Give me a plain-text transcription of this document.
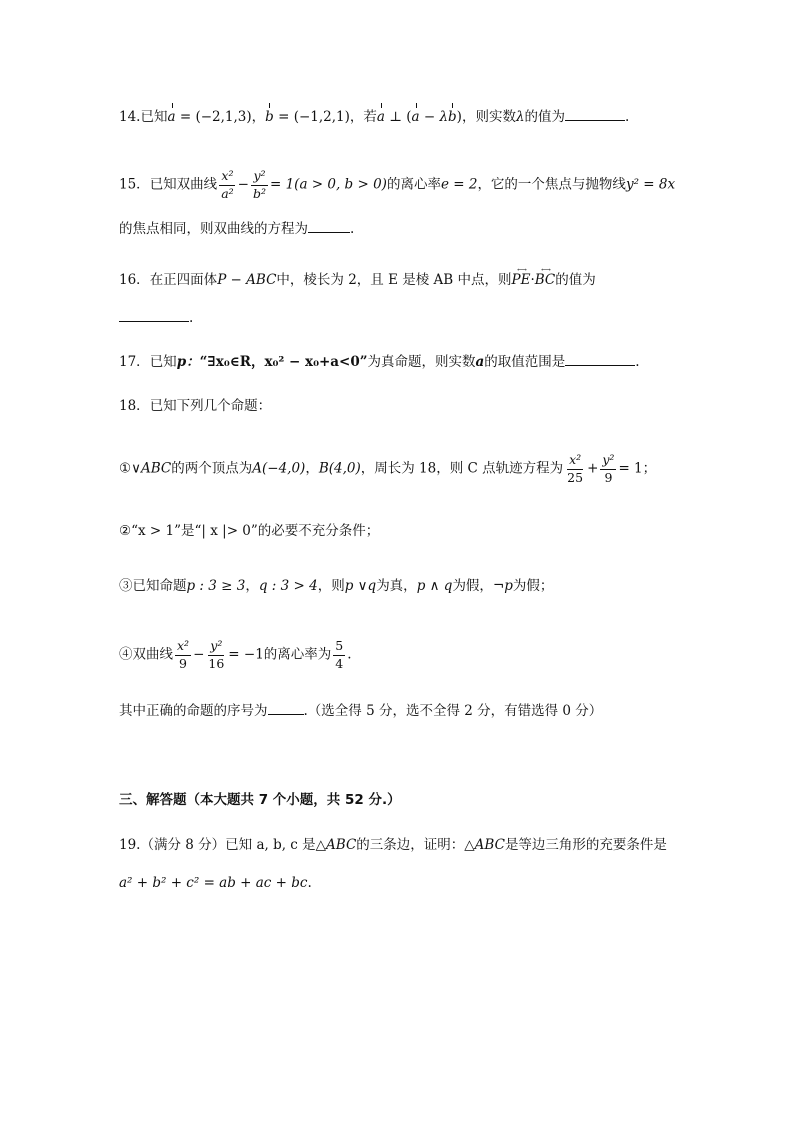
14.已知a = (−2,1,3)，b = (−1,2,1)，若a ⊥ (a − λb)，则实数λ的值为	.
15．已知双曲线 $\frac{\text{x²}}{\text{a²}} - \frac{\text{y²}}{\text{b²}} = 1(a > 0$, b > 0)的离心率e = 2，它的一个焦点与抛物线y² = 8x
的焦点相同，则双曲线的方程为	.
16．在正四面体P − ABC中，棱长为 2，且 E 是棱 AB 中点，则←→ PE·←→ BC的值为
.
17．已知p：“∃x₀∈R，x₀² − x₀+a<0”为真命题，则实数a的取值范围是	.
18．已知下列几个命题：
①∨ABC的两个顶点为A(−4,0)，B(4,0)，周长为 18，则 C 点轨迹方程为 $\frac{\text{x²}}{25} + \frac{\text{y²}}{9} = 1$；
②“x > 1”是“| x |> 0”的必要不充分条件；
③已知命题p : 3 ≥ 3，q : 3 > 4，则p ∨q为真，p ∧ q为假，¬p为假；
④双曲线 $\frac{\text{x²}}{9} - \frac{\text{y²}}{16} = -1$的离心率为 $\frac{5}{4}$ .
其中正确的命题的序号为	.（选全得 5 分，选不全得 2 分，有错选得 0 分）
三、解答题（本大题共 7 个小题，共 52 分.）
19.（满分 8 分）已知 a, b, c 是△ABC的三条边，证明：△ABC是等边三角形的充要条件是
a² + b² + c² = ab + ac + bc.
